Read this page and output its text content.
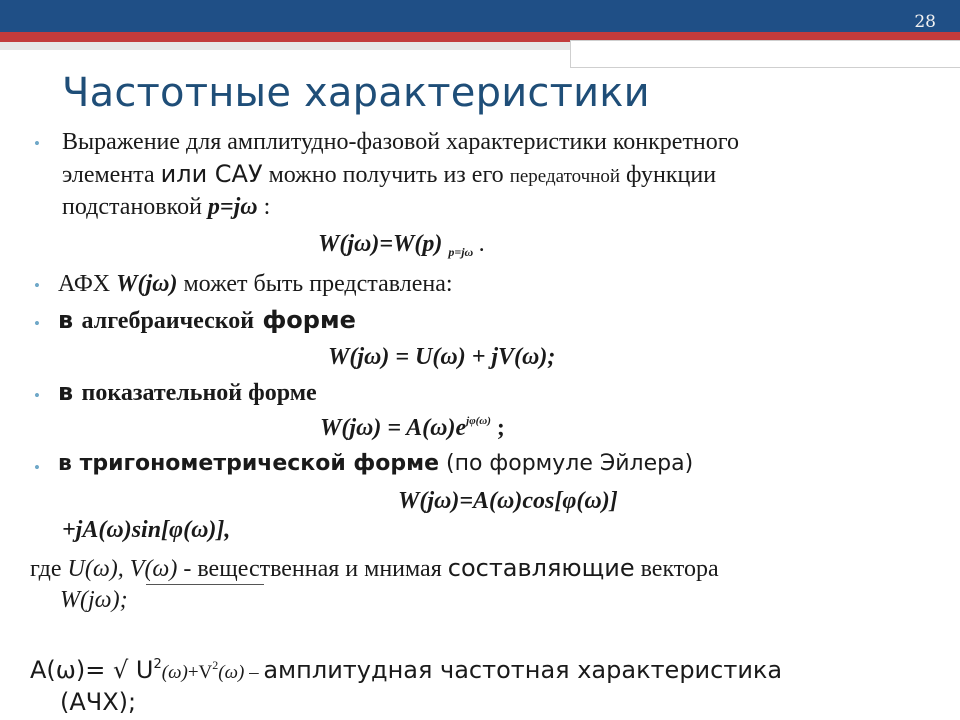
28
Частотные характеристики
• Выражение для амплитудно-фазовой характеристики конкретного
элемента или САУ можно получить из его передаточной функции
подстановкой p=jω :
W(jω)=W(p) $_{p=j\omega}$ .
• АФХ W(jω) может быть представлена:
• в алгебраической форме
W(jω) = U(ω) + jV(ω);
• в показательной форме
$W(j\omega) = A(\omega)e^{j\varphi(\omega)}$ ;
• в тригонометрической форме (по формуле Эйлера)
W(jω)=A(ω)cos[φ(ω)]
+jA(ω)sin[φ(ω)],
где U(ω), V(ω) - вещественная и мнимая составляющие вектора
W(jω);
A(ω)= √ $U^2(\omega)+V^2(\omega)$ – амплитудная частотная характеристика
(АЧХ);
